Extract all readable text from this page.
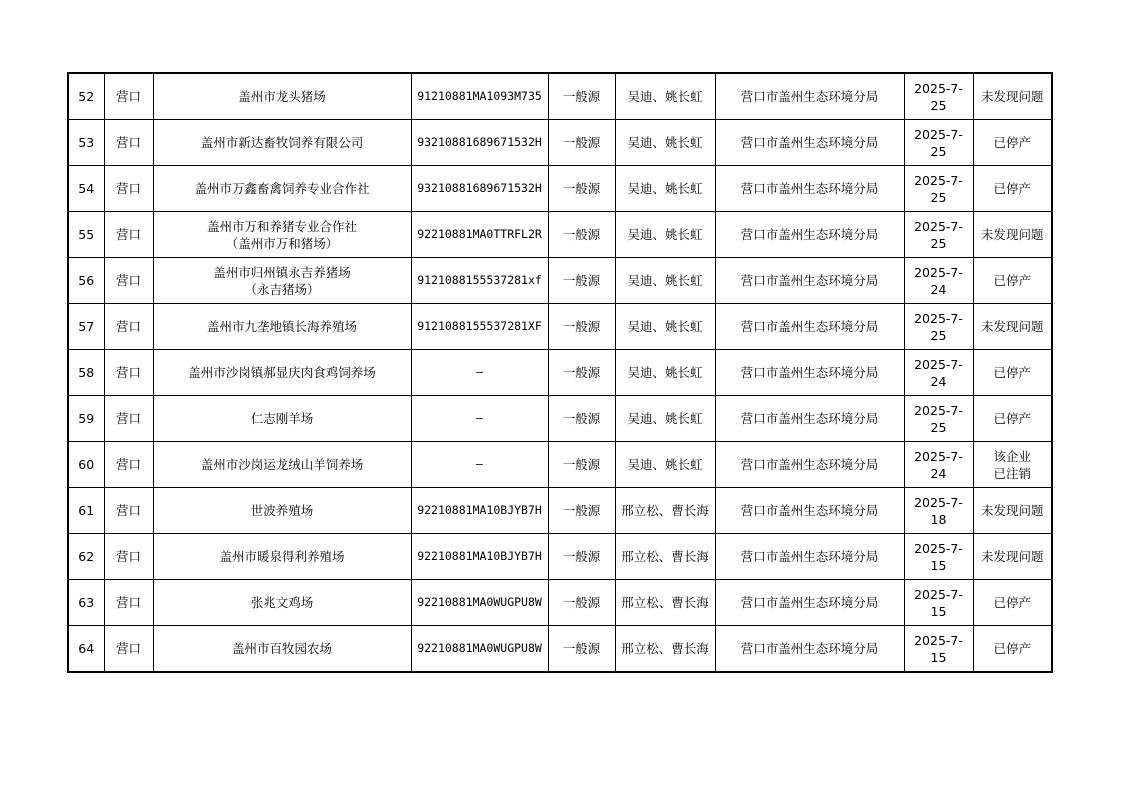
52	营口	盖州市龙头猪场	91210881MA1093M735	一般源	吴迪、姚长虹	营口市盖州生态环境分局	2025-7-25	未发现问题

53	营口	盖州市新达畜牧饲养有限公司	93210881689671532H	一般源	吴迪、姚长虹	营口市盖州生态环境分局	2025-7-25	已停产

54	营口	盖州市万鑫畜禽饲养专业合作社	93210881689671532H	一般源	吴迪、姚长虹	营口市盖州生态环境分局	2025-7-25	已停产

55	营口	盖州市万和养猪专业合作社
（盖州市万和猪场）	92210881MA0TTRFL2R	一般源	吴迪、姚长虹	营口市盖州生态环境分局	2025-7-25	未发现问题

56	营口	盖州市归州镇永吉养猪场
（永吉猪场）	9121088155537281xf	一般源	吴迪、姚长虹	营口市盖州生态环境分局	2025-7-24	已停产

57	营口	盖州市九垄地镇长海养殖场	9121088155537281XF	一般源	吴迪、姚长虹	营口市盖州生态环境分局	2025-7-25	未发现问题

58	营口	盖州市沙岗镇郝显庆肉食鸡饲养场	—	一般源	吴迪、姚长虹	营口市盖州生态环境分局	2025-7-24	已停产

59	营口	仁志刚羊场	—	一般源	吴迪、姚长虹	营口市盖州生态环境分局	2025-7-25	已停产

60	营口	盖州市沙岗运龙绒山羊饲养场	—	一般源	吴迪、姚长虹	营口市盖州生态环境分局	2025-7-24	该企业
已注销

61	营口	世波养殖场	92210881MA10BJYB7H	一般源	邢立松、曹长海	营口市盖州生态环境分局	2025-7-18	未发现问题

62	营口	盖州市暖泉得利养殖场	92210881MA10BJYB7H	一般源	邢立松、曹长海	营口市盖州生态环境分局	2025-7-15	未发现问题

63	营口	张兆文鸡场	92210881MA0WUGPU8W	一般源	邢立松、曹长海	营口市盖州生态环境分局	2025-7-15	已停产

64	营口	盖州市百牧园农场	92210881MA0WUGPU8W	一般源	邢立松、曹长海	营口市盖州生态环境分局	2025-7-15	已停产
